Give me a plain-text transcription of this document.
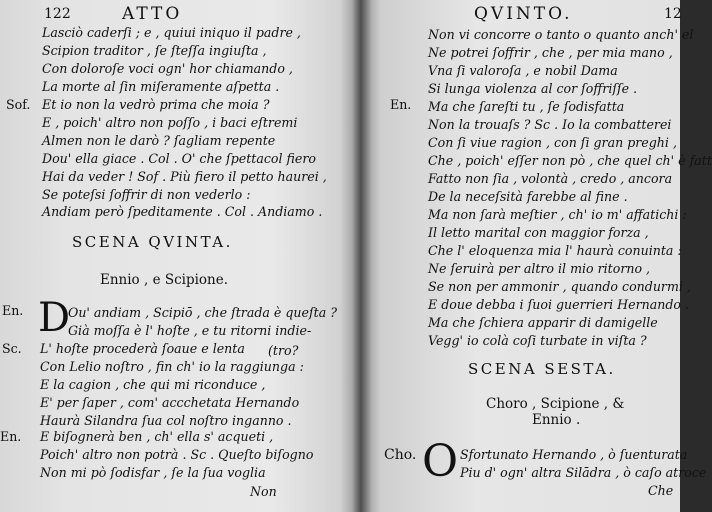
122	ATTO
Lasciò caderſi ; e , quiui iniquo il padre ,
Scipion traditor , ſe ſteſſa ingiuſta ,
Con doloroſe voci ogn' hor chiamando ,
La morte al ſin miſeramente aſpetta .
Sof. Et io non la vedrò prima che moia ?
E , poich' altro non poſſo , i baci eſtremi
Almen non le darò ? ſagliam repente
Dou' ella giace . Col . O' che ſpettacol fiero
Hai da veder ! Sof . Più fiero il petto haurei ,
Se poteſsi ſoffrir di non vederlo :
Andiam però ſpeditamente . Col . Andiamo .
SCENA QVINTA.
Ennio , e Scipione.
En. D
Ou' andiam , Scipiō , che ſtrada è queſta ?
Già moſſa è l' hoſte , e tu ritorni indie-
Sc. L' hoſte procederà ſoaue e lenta (tro?
Con Lelio noſtro , fin ch' io la raggiunga :
E la cagion , che qui mi riconduce ,
E' per ſaper , com' accchetata Hernando
Haurà Silandra ſua col noſtro inganno .
En. E biſognerà ben , ch' ella s' acqueti ,
Poich' altro non potrà . Sc . Queſto biſogno
Non mi pò ſodisfar , ſe la ſua voglia
Non
QVINTO.	12
Non vi concorre o tanto o quanto anch' el
Ne potrei ſoffrir , che , per mia mano ,
Vna ſi valoroſa , e nobil Dama
Si lunga violenza al cor ſoffriſſe .
En. Ma che ſareſti tu , ſe ſodisfatta
Non la trouaſs ? Sc . Io la combatterei
Con ſi viue ragion , con ſi gran preghi ,
Che , poich' eſſer non pò , che quel ch' è fatt
Fatto non ſia , volontà , credo , ancora
De la neceſsità farebbe al fine .
Ma non ſarà meſtier , ch' io m' affatichi :
Il letto marital con maggior forza ,
Che l' eloquenza mia l' haurà conuinta :
Ne ſeruirà per altro il mio ritorno ,
Se non per ammonir , quando condurmi ,
E doue debba i ſuoi guerrieri Hernando .
Ma che ſchiera apparir di damigelle
Vegg' io colà coſi turbate in viſta ?
SCENA SESTA.
Choro , Scipione , &
Ennio .
Cho. O Sfortunato Hernando , ò ſuenturata
Piu d' ogn' altra Silādra , ò caſo atroce
Che
